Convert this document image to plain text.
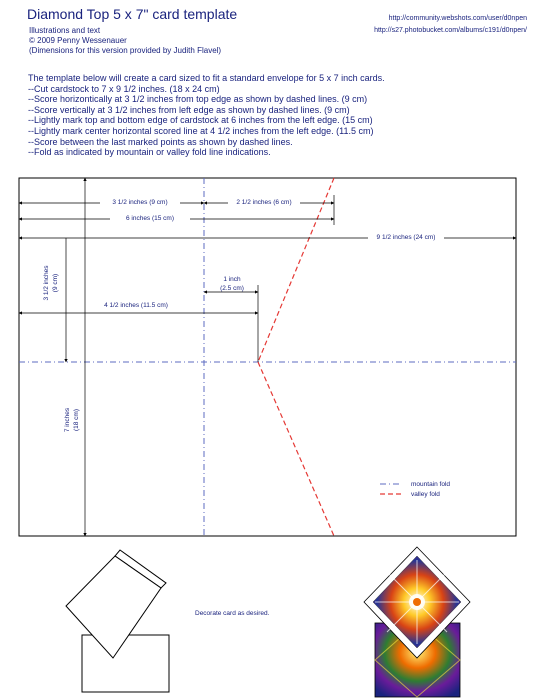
Diamond Top 5 x 7" card template
Illustrations and text
© 2009 Penny Wessenauer
(Dimensions for this version provided by Judith Flavel)
http://community.webshots.com/user/d0npen
http://s27.photobucket.com/albums/c191/d0npen/
The template below will create a card sized to fit a standard envelope for 5 x 7 inch cards.
--Cut cardstock to 7 x 9 1/2 inches. (18 x 24 cm)
--Score horizontically at 3 1/2 inches from top edge as shown by dashed lines. (9 cm)
--Score vertically at 3 1/2 inches from left edge as shown by dashed lines. (9 cm)
--Lightly mark top and bottom edge of cardstock at 6 inches from the left edge. (15 cm)
--Lightly mark center horizontal scored line at 4 1/2 inches from the left edge. (11.5 cm)
--Score between the last marked points as shown by dashed lines.
--Fold as indicated by mountain or valley fold line indications.
3 1/2 inches (9 cm)	2 1/2 inches (6 cm)
6 inches (15 cm)
9 1/2 inches (24 cm)
3 1/2 inches (9 cm)	1 inch
(2.5 cm)
4 1/2 inches (11.5 cm)
7 inches (18 cm)
mountain fold
valley fold
Decorate card as desired.
